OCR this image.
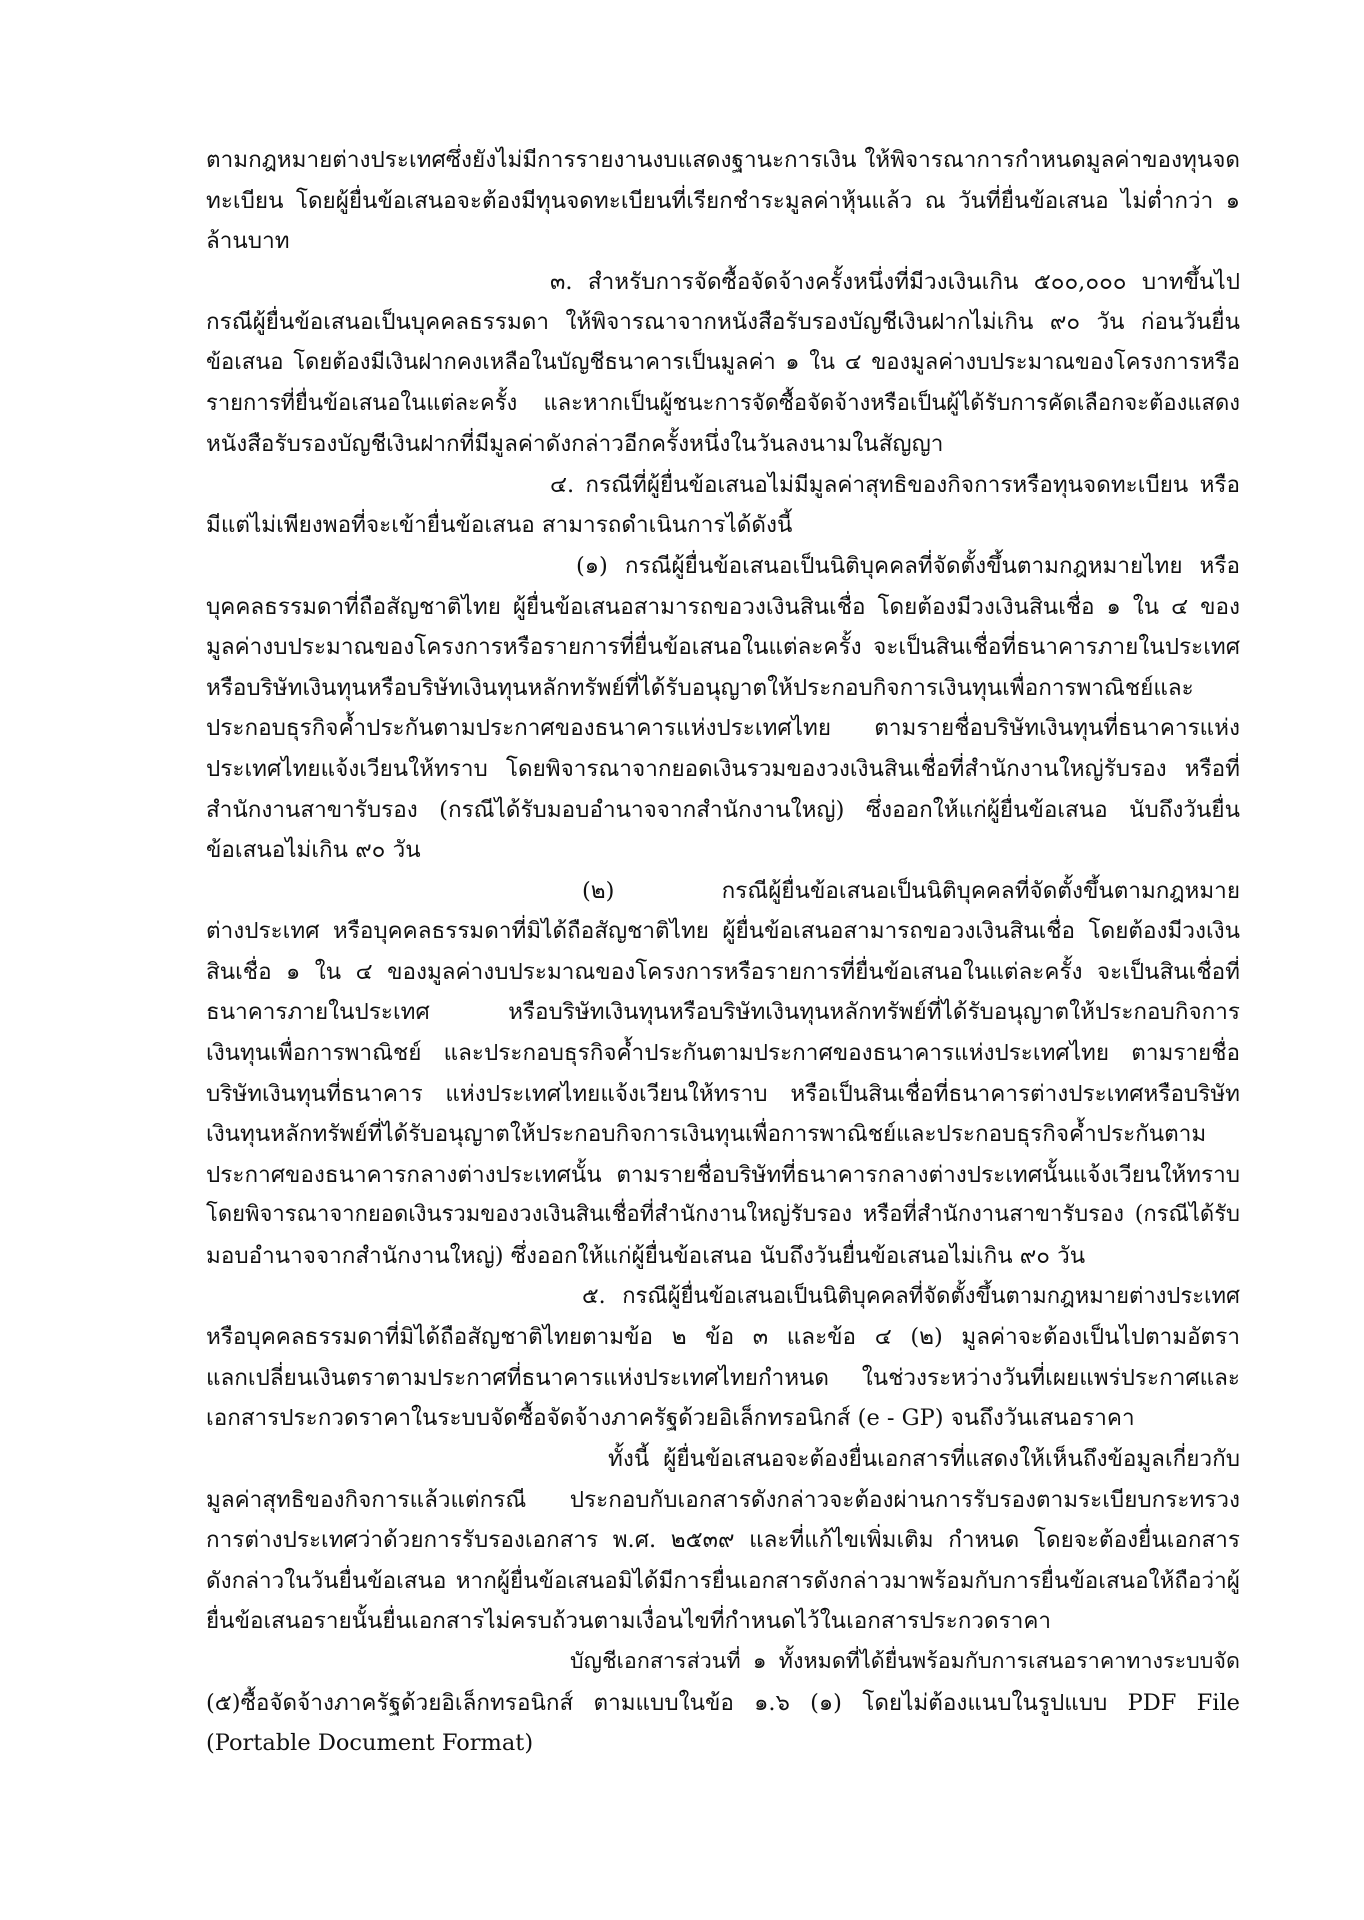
ตามกฎหมายต่างประเทศซึ่งยังไม่มีการรายงานงบแสดงฐานะการเงิน ให้พิจารณาการกำหนดมูลค่าของทุนจด
ทะเบียน โดยผู้ยื่นข้อเสนอจะต้องมีทุนจดทะเบียนที่เรียกชำระมูลค่าหุ้นแล้ว ณ วันที่ยื่นข้อเสนอ ไม่ต่ำกว่า ๑
ล้านบาท
๓. สำหรับการจัดซื้อจัดจ้างครั้งหนึ่งที่มีวงเงินเกิน ๕๐๐,๐๐๐ บาทขึ้นไป
กรณีผู้ยื่นข้อเสนอเป็นบุคคลธรรมดา ให้พิจารณาจากหนังสือรับรองบัญชีเงินฝากไม่เกิน ๙๐ วัน ก่อนวันยื่น
ข้อเสนอ โดยต้องมีเงินฝากคงเหลือในบัญชีธนาคารเป็นมูลค่า ๑ ใน ๔ ของมูลค่างบประมาณของโครงการหรือ
รายการที่ยื่นข้อเสนอในแต่ละครั้ง และหากเป็นผู้ชนะการจัดซื้อจัดจ้างหรือเป็นผู้ได้รับการคัดเลือกจะต้องแสดง
หนังสือรับรองบัญชีเงินฝากที่มีมูลค่าดังกล่าวอีกครั้งหนึ่งในวันลงนามในสัญญา
๔. กรณีที่ผู้ยื่นข้อเสนอไม่มีมูลค่าสุทธิของกิจการหรือทุนจดทะเบียน หรือ
มีแต่ไม่เพียงพอที่จะเข้ายื่นข้อเสนอ สามารถดำเนินการได้ดังนี้
(๑) กรณีผู้ยื่นข้อเสนอเป็นนิติบุคคลที่จัดตั้งขึ้นตามกฎหมายไทย หรือ
บุคคลธรรมดาที่ถือสัญชาติไทย ผู้ยื่นข้อเสนอสามารถขอวงเงินสินเชื่อ โดยต้องมีวงเงินสินเชื่อ ๑ ใน ๔ ของ
มูลค่างบประมาณของโครงการหรือรายการที่ยื่นข้อเสนอในแต่ละครั้ง จะเป็นสินเชื่อที่ธนาคารภายในประเทศ
หรือบริษัทเงินทุนหรือบริษัทเงินทุนหลักทรัพย์ที่ได้รับอนุญาตให้ประกอบกิจการเงินทุนเพื่อการพาณิชย์และ
ประกอบธุรกิจค้ำประกันตามประกาศของธนาคารแห่งประเทศไทย ตามรายชื่อบริษัทเงินทุนที่ธนาคารแห่ง
ประเทศไทยแจ้งเวียนให้ทราบ โดยพิจารณาจากยอดเงินรวมของวงเงินสินเชื่อที่สำนักงานใหญ่รับรอง หรือที่
สำนักงานสาขารับรอง (กรณีได้รับมอบอำนาจจากสำนักงานใหญ่) ซึ่งออกให้แก่ผู้ยื่นข้อเสนอ นับถึงวันยื่น
ข้อเสนอไม่เกิน ๙๐ วัน
(๒) กรณีผู้ยื่นข้อเสนอเป็นนิติบุคคลที่จัดตั้งขึ้นตามกฎหมาย
ต่างประเทศ หรือบุคคลธรรมดาที่มิได้ถือสัญชาติไทย ผู้ยื่นข้อเสนอสามารถขอวงเงินสินเชื่อ โดยต้องมีวงเงิน
สินเชื่อ ๑ ใน ๔ ของมูลค่างบประมาณของโครงการหรือรายการที่ยื่นข้อเสนอในแต่ละครั้ง จะเป็นสินเชื่อที่
ธนาคารภายในประเทศ หรือบริษัทเงินทุนหรือบริษัทเงินทุนหลักทรัพย์ที่ได้รับอนุญาตให้ประกอบกิจการ
เงินทุนเพื่อการพาณิชย์ และประกอบธุรกิจค้ำประกันตามประกาศของธนาคารแห่งประเทศไทย ตามรายชื่อ
บริษัทเงินทุนที่ธนาคาร แห่งประเทศไทยแจ้งเวียนให้ทราบ หรือเป็นสินเชื่อที่ธนาคารต่างประเทศหรือบริษัท
เงินทุนหลักทรัพย์ที่ได้รับอนุญาตให้ประกอบกิจการเงินทุนเพื่อการพาณิชย์และประกอบธุรกิจค้ำประกันตาม
ประกาศของธนาคารกลางต่างประเทศนั้น ตามรายชื่อบริษัทที่ธนาคารกลางต่างประเทศนั้นแจ้งเวียนให้ทราบ
โดยพิจารณาจากยอดเงินรวมของวงเงินสินเชื่อที่สำนักงานใหญ่รับรอง หรือที่สำนักงานสาขารับรอง (กรณีได้รับ
มอบอำนาจจากสำนักงานใหญ่) ซึ่งออกให้แก่ผู้ยื่นข้อเสนอ นับถึงวันยื่นข้อเสนอไม่เกิน ๙๐ วัน
๕. กรณีผู้ยื่นข้อเสนอเป็นนิติบุคคลที่จัดตั้งขึ้นตามกฎหมายต่างประเทศ
หรือบุคคลธรรมดาที่มิได้ถือสัญชาติไทยตามข้อ ๒ ข้อ ๓ และข้อ ๔ (๒) มูลค่าจะต้องเป็นไปตามอัตรา
แลกเปลี่ยนเงินตราตามประกาศที่ธนาคารแห่งประเทศไทยกำหนด ในช่วงระหว่างวันที่เผยแพร่ประกาศและ
เอกสารประกวดราคาในระบบจัดซื้อจัดจ้างภาครัฐด้วยอิเล็กทรอนิกส์ (e - GP) จนถึงวันเสนอราคา
ทั้งนี้ ผู้ยื่นข้อเสนอจะต้องยื่นเอกสารที่แสดงให้เห็นถึงข้อมูลเกี่ยวกับ
มูลค่าสุทธิของกิจการแล้วแต่กรณี ประกอบกับเอกสารดังกล่าวจะต้องผ่านการรับรองตามระเบียบกระทรวง
การต่างประเทศว่าด้วยการรับรองเอกสาร พ.ศ. ๒๕๓๙ และที่แก้ไขเพิ่มเติม กำหนด โดยจะต้องยื่นเอกสาร
ดังกล่าวในวันยื่นข้อเสนอ หากผู้ยื่นข้อเสนอมิได้มีการยื่นเอกสารดังกล่าวมาพร้อมกับการยื่นข้อเสนอให้ถือว่าผู้
ยื่นข้อเสนอรายนั้นยื่นเอกสารไม่ครบถ้วนตามเงื่อนไขที่กำหนดไว้ในเอกสารประกวดราคา
บัญชีเอกสารส่วนที่ ๑ ทั้งหมดที่ได้ยื่นพร้อมกับการเสนอราคาทางระบบจัด
(๕)ซื้อจัดจ้างภาครัฐด้วยอิเล็กทรอนิกส์ ตามแบบในข้อ ๑.๖ (๑) โดยไม่ต้องแนบในรูปแบบ PDF File
(Portable Document Format)
